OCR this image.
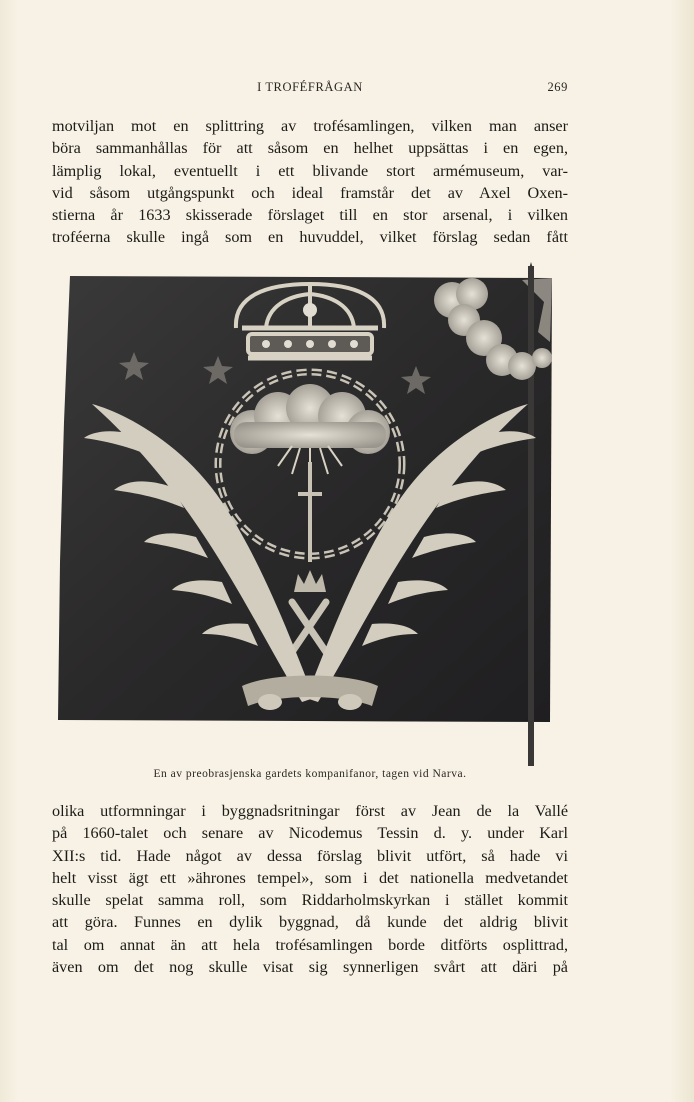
I TROFÉFRÅGAN	269
motviljan mot en splittring av trofésamlingen, vilken man anser
böra sammanhållas för att såsom en helhet uppsättas i en egen,
lämplig lokal, eventuellt i ett blivande stort armémuseum, var-
vid såsom utgångspunkt och ideal framstår det av Axel Oxen-
stierna år 1633 skisserade förslaget till en stor arsenal, i vilken
troféerna skulle ingå som en huvuddel, vilket förslag sedan fått
En av preobrasjenska gardets kompanifanor, tagen vid Narva.
olika utformningar i byggnadsritningar först av Jean de la Vallé
på 1660-talet och senare av Nicodemus Tessin d. y. under Karl
XII:s tid. Hade något av dessa förslag blivit utfört, så hade vi
helt visst ägt ett »ährones tempel», som i det nationella medvetandet
skulle spelat samma roll, som Riddarholmskyrkan i stället kommit
att göra. Funnes en dylik byggnad, då kunde det aldrig blivit
tal om annat än att hela trofésamlingen borde ditförts osplittrad,
även om det nog skulle visat sig synnerligen svårt att däri på
